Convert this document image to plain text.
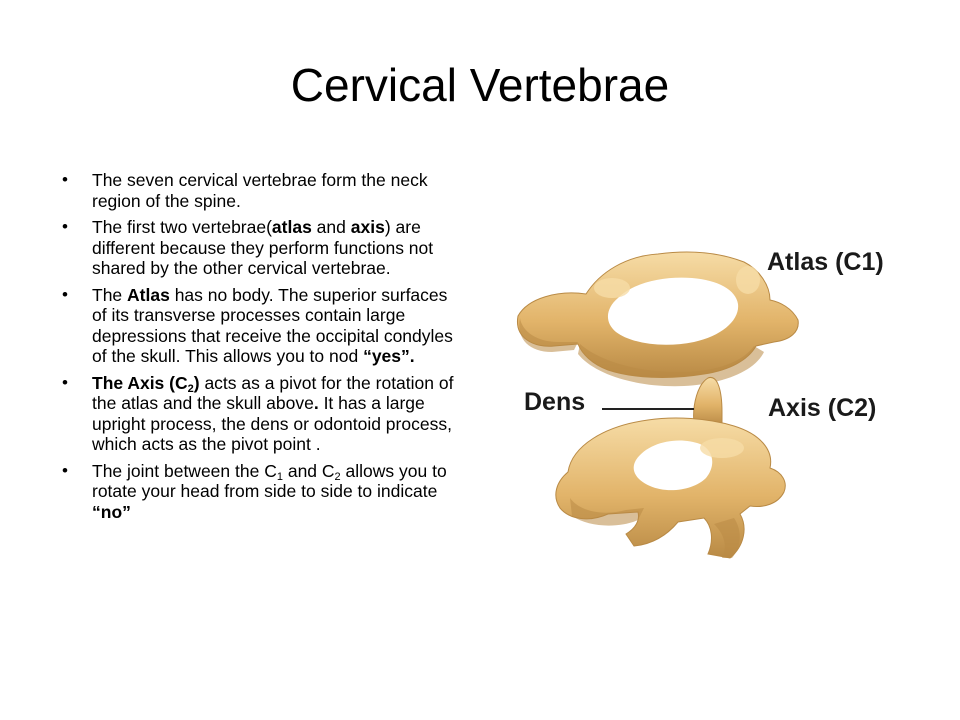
Cervical Vertebrae
• The seven cervical vertebrae form the neck region of the spine.
• The first two vertebrae(atlas and axis) are different because they perform functions not shared by the other cervical vertebrae.
• The Atlas has no body. The superior surfaces of its transverse processes contain large depressions that receive the occipital condyles of the skull. This allows you to nod “yes”.
• The Axis $(C_2)$ acts as a pivot for the rotation of the atlas and the skull above. It has a large upright process, the dens or odontoid process, which acts as the pivot point .
• The joint between the $C_1$ and $C_2$ allows you to rotate your head from side to side to indicate “no”
Atlas (C1)
Dens	Axis (C2)
